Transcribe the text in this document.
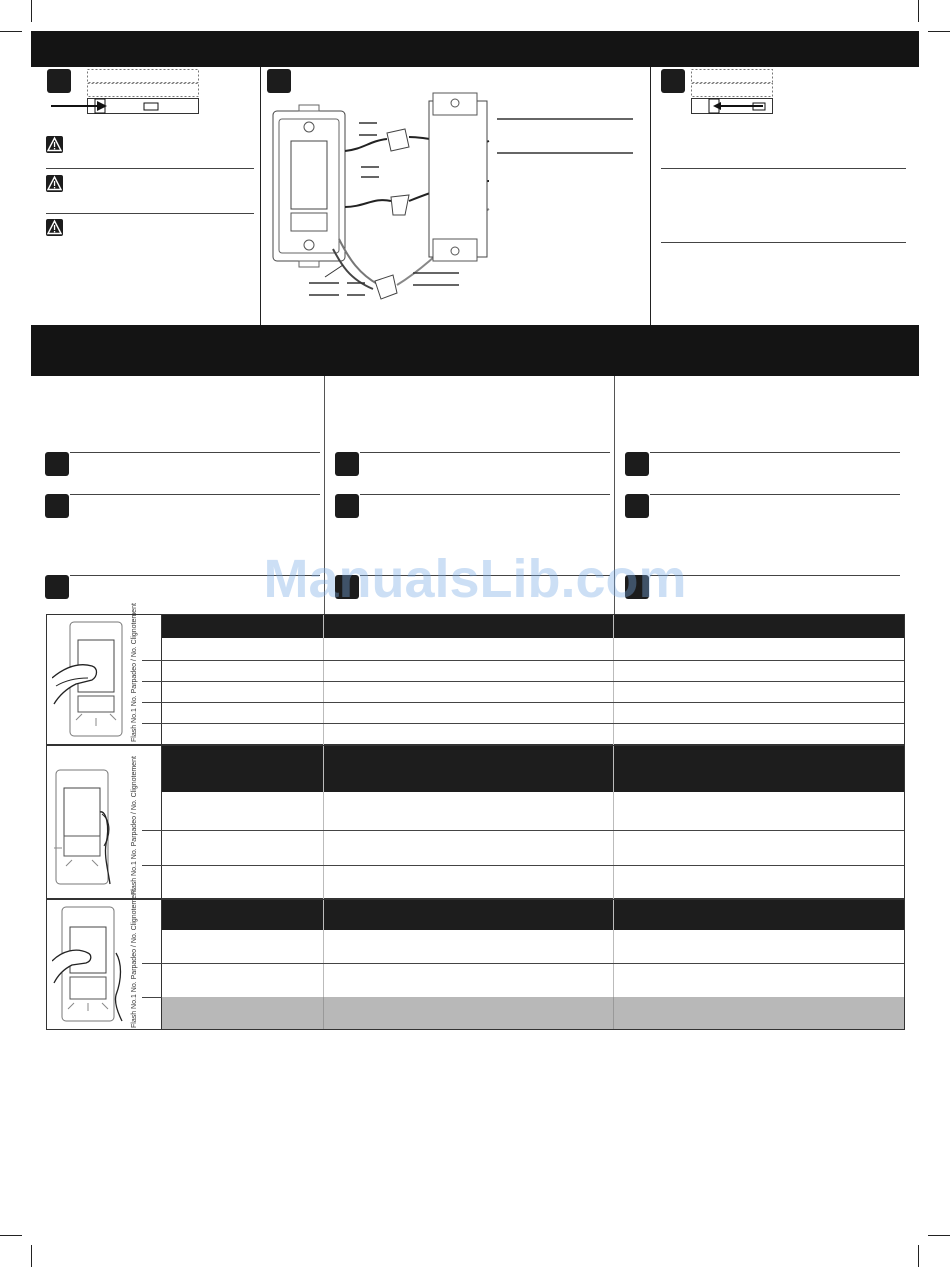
ManualsLib.com
Flash No.1 No. Parpadeo / No. Clignotement
Flash No.1 No. Parpadeo / No. Clignotement
Flash No.1 No. Parpadeo / No. Clignotement
